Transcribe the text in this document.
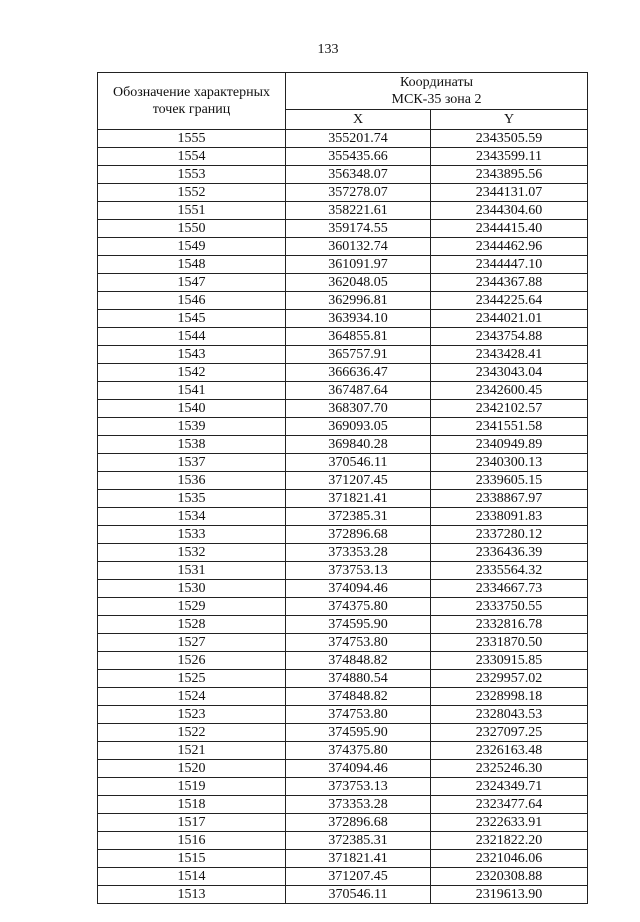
133
Обозначение характерных точек границ	Координаты
МСК-35 зона 2	
	X	Y
1555	355201.74	2343505.59
1554	355435.66	2343599.11
1553	356348.07	2343895.56
1552	357278.07	2344131.07
1551	358221.61	2344304.60
1550	359174.55	2344415.40
1549	360132.74	2344462.96
1548	361091.97	2344447.10
1547	362048.05	2344367.88
1546	362996.81	2344225.64
1545	363934.10	2344021.01
1544	364855.81	2343754.88
1543	365757.91	2343428.41
1542	366636.47	2343043.04
1541	367487.64	2342600.45
1540	368307.70	2342102.57
1539	369093.05	2341551.58
1538	369840.28	2340949.89
1537	370546.11	2340300.13
1536	371207.45	2339605.15
1535	371821.41	2338867.97
1534	372385.31	2338091.83
1533	372896.68	2337280.12
1532	373353.28	2336436.39
1531	373753.13	2335564.32
1530	374094.46	2334667.73
1529	374375.80	2333750.55
1528	374595.90	2332816.78
1527	374753.80	2331870.50
1526	374848.82	2330915.85
1525	374880.54	2329957.02
1524	374848.82	2328998.18
1523	374753.80	2328043.53
1522	374595.90	2327097.25
1521	374375.80	2326163.48
1520	374094.46	2325246.30
1519	373753.13	2324349.71
1518	373353.28	2323477.64
1517	372896.68	2322633.91
1516	372385.31	2321822.20
1515	371821.41	2321046.06
1514	371207.45	2320308.88
1513	370546.11	2319613.90
